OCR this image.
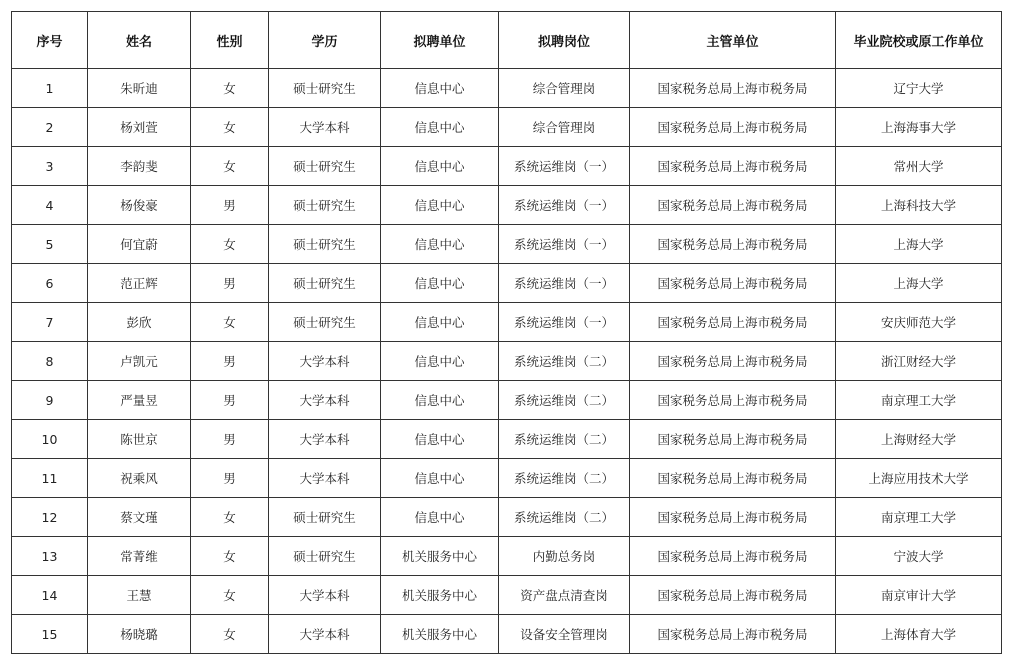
序号	姓名	性别	学历	拟聘单位	拟聘岗位	主管单位	毕业院校或原工作单位
1	朱昕迪	女	硕士研究生	信息中心	综合管理岗	国家税务总局上海市税务局	辽宁大学
2	杨刘萱	女	大学本科	信息中心	综合管理岗	国家税务总局上海市税务局	上海海事大学
3	李韵斐	女	硕士研究生	信息中心	系统运维岗（一）	国家税务总局上海市税务局	常州大学
4	杨俊豪	男	硕士研究生	信息中心	系统运维岗（一）	国家税务总局上海市税务局	上海科技大学
5	何宜蔚	女	硕士研究生	信息中心	系统运维岗（一）	国家税务总局上海市税务局	上海大学
6	范正辉	男	硕士研究生	信息中心	系统运维岗（一）	国家税务总局上海市税务局	上海大学
7	彭欣	女	硕士研究生	信息中心	系统运维岗（一）	国家税务总局上海市税务局	安庆师范大学
8	卢凯元	男	大学本科	信息中心	系统运维岗（二）	国家税务总局上海市税务局	浙江财经大学
9	严量昱	男	大学本科	信息中心	系统运维岗（二）	国家税务总局上海市税务局	南京理工大学
10	陈世京	男	大学本科	信息中心	系统运维岗（二）	国家税务总局上海市税务局	上海财经大学
11	祝乘风	男	大学本科	信息中心	系统运维岗（二）	国家税务总局上海市税务局	上海应用技术大学
12	蔡文瑾	女	硕士研究生	信息中心	系统运维岗（二）	国家税务总局上海市税务局	南京理工大学
13	常菁维	女	硕士研究生	机关服务中心	内勤总务岗	国家税务总局上海市税务局	宁波大学
14	王慧	女	大学本科	机关服务中心	资产盘点清查岗	国家税务总局上海市税务局	南京审计大学
15	杨晓璐	女	大学本科	机关服务中心	设备安全管理岗	国家税务总局上海市税务局	上海体育大学
